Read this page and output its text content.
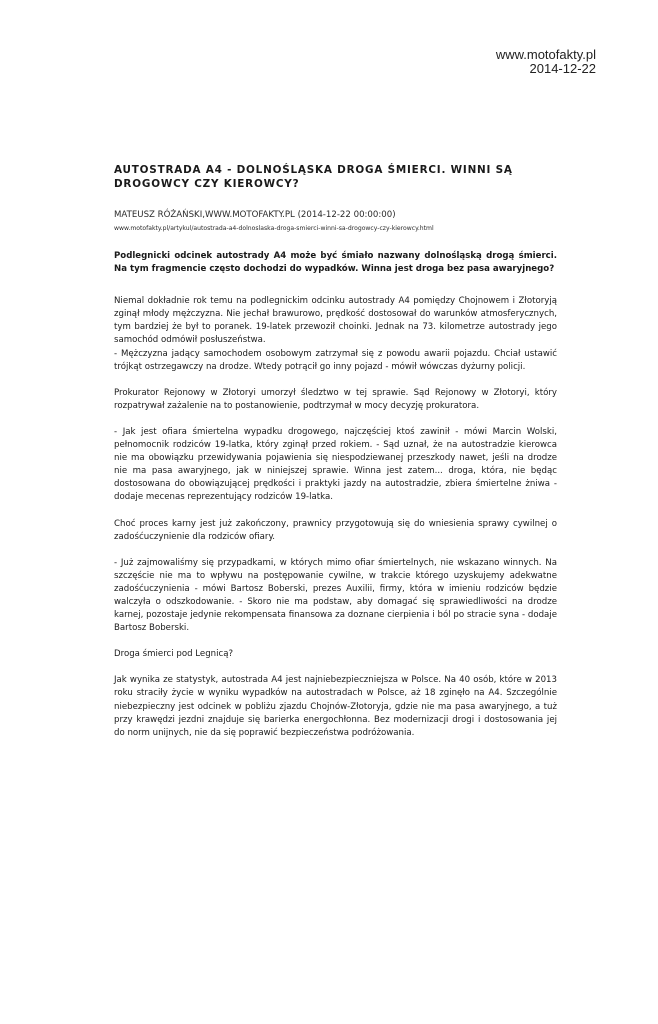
www.motofakty.pl
2014-12-22
AUTOSTRADA A4 - DOLNOŚLĄSKA DROGA ŚMIERCI. WINNI SĄ DROGOWCY CZY KIEROWCY?

MATEUSZ RÓŻAŃSKI,WWW.MOTOFAKTY.PL (2014-12-22 00:00:00)

www.motofakty.pl/artykul/autostrada-a4-dolnoslaska-droga-smierci-winni-sa-drogowcy-czy-kierowcy.html

Podlegnicki odcinek autostrady A4 może być śmiało nazwany dolnośląską drogą śmierci. Na tym fragmencie często dochodzi do wypadków. Winna jest droga bez pasa awaryjnego?

Niemal dokładnie rok temu na podlegnickim odcinku autostrady A4 pomiędzy Chojnowem i Złotoryją zginął młody mężczyzna. Nie jechał brawurowo, prędkość dostosował do warunków atmosferycznych, tym bardziej że był to poranek. 19-latek przewoził choinki. Jednak na 73. kilometrze autostrady jego samochód odmówił posłuszeństwa.
- Mężczyzna jadący samochodem osobowym zatrzymał się z powodu awarii pojazdu. Chciał ustawić trójkąt ostrzegawczy na drodze. Wtedy potrącił go inny pojazd - mówił wówczas dyżurny policji.

Prokurator Rejonowy w Złotoryi umorzył śledztwo w tej sprawie. Sąd Rejonowy w Złotoryi, który rozpatrywał zażalenie na to postanowienie, podtrzymał w mocy decyzję prokuratora.

- Jak jest ofiara śmiertelna wypadku drogowego, najczęściej ktoś zawinił - mówi Marcin Wolski, pełnomocnik rodziców 19-latka, który zginął przed rokiem. - Sąd uznał, że na autostradzie kierowca nie ma obowiązku przewidywania pojawienia się niespodziewanej przeszkody nawet, jeśli na drodze nie ma pasa awaryjnego, jak w niniejszej sprawie. Winna jest zatem... droga, która, nie będąc dostosowana do obowiązującej prędkości i praktyki jazdy na autostradzie, zbiera śmiertelne żniwa - dodaje mecenas reprezentujący rodziców 19-latka.

Choć proces karny jest już zakończony, prawnicy przygotowują się do wniesienia sprawy cywilnej o zadośćuczynienie dla rodziców ofiary.

- Już zajmowaliśmy się przypadkami, w których mimo ofiar śmiertelnych, nie wskazano winnych. Na szczęście nie ma to wpływu na postępowanie cywilne, w trakcie którego uzyskujemy adekwatne zadośćuczynienia - mówi Bartosz Boberski, prezes Auxilii, firmy, która w imieniu rodziców będzie walczyła o odszkodowanie. - Skoro nie ma podstaw, aby domagać się sprawiedliwości na drodze karnej, pozostaje jedynie rekompensata finansowa za doznane cierpienia i ból po stracie syna - dodaje Bartosz Boberski.

Droga śmierci pod Legnicą?

Jak wynika ze statystyk, autostrada A4 jest najniebezpieczniejsza w Polsce. Na 40 osób, które w 2013 roku straciły życie w wyniku wypadków na autostradach w Polsce, aż 18 zginęło na A4. Szczególnie niebezpieczny jest odcinek w pobliżu zjazdu Chojnów-Złotoryja, gdzie nie ma pasa awaryjnego, a tuż przy krawędzi jezdni znajduje się barierka energochłonna. Bez modernizacji drogi i dostosowania jej do norm unijnych, nie da się poprawić bezpieczeństwa podróżowania.
